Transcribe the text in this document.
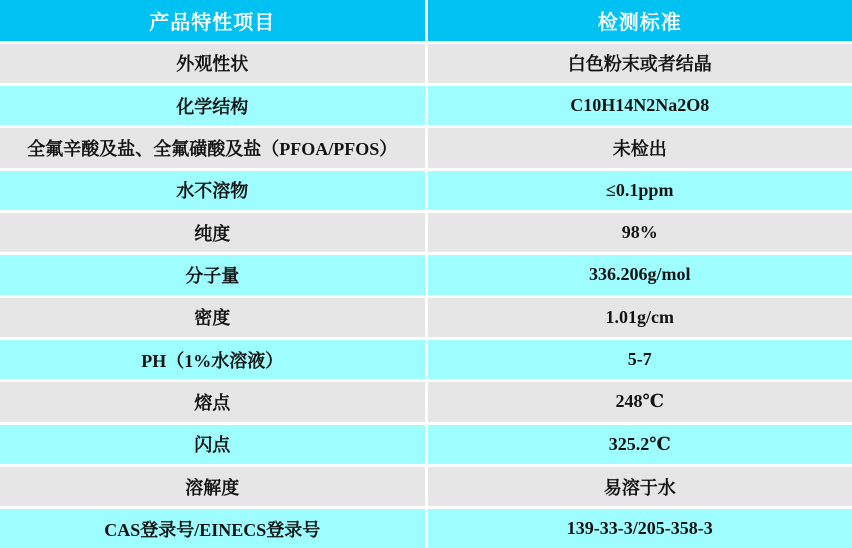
产品特性项目	检测标准
外观性状	白色粉末或者结晶
化学结构	C10H14N2Na2O8
全氟辛酸及盐、全氟磺酸及盐（PFOA/PFOS）	未检出
水不溶物	≤0.1ppm
纯度	98%
分子量	336.206g/mol
密度	1.01g/cm
PH（1%水溶液）	5-7
熔点	248℃
闪点	325.2℃
溶解度	易溶于水
CAS登录号/EINECS登录号	139-33-3/205-358-3
